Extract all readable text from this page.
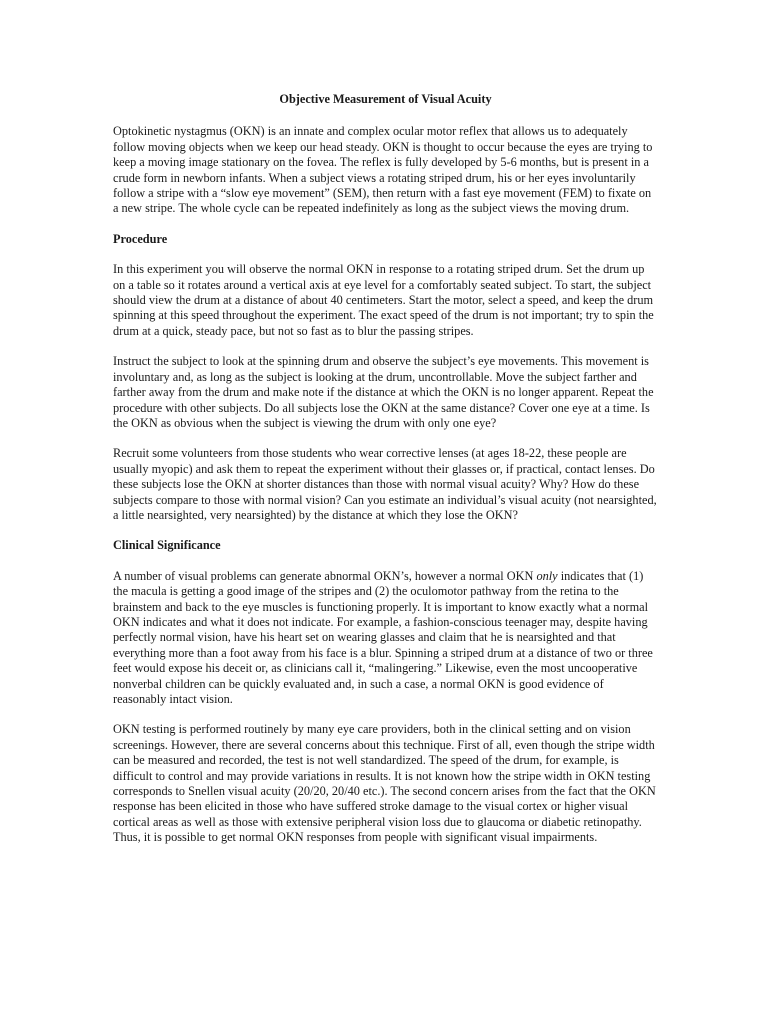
Objective Measurement of Visual Acuity

Optokinetic nystagmus (OKN) is an innate and complex ocular motor reflex that allows us to adequately follow moving objects when we keep our head steady. OKN is thought to occur because the eyes are trying to keep a moving image stationary on the fovea. The reflex is fully developed by 5-6 months, but is present in a crude form in newborn infants. When a subject views a rotating striped drum, his or her eyes involuntarily follow a stripe with a “slow eye movement” (SEM), then return with a fast eye movement (FEM) to fixate on a new stripe. The whole cycle can be repeated indefinitely as long as the subject views the moving drum.

Procedure

In this experiment you will observe the normal OKN in response to a rotating striped drum. Set the drum up on a table so it rotates around a vertical axis at eye level for a comfortably seated subject. To start, the subject should view the drum at a distance of about 40 centimeters. Start the motor, select a speed, and keep the drum spinning at this speed throughout the experiment. The exact speed of the drum is not important; try to spin the drum at a quick, steady pace, but not so fast as to blur the passing stripes.

Instruct the subject to look at the spinning drum and observe the subject’s eye movements. This movement is involuntary and, as long as the subject is looking at the drum, uncontrollable. Move the subject farther and farther away from the drum and make note if the distance at which the OKN is no longer apparent. Repeat the procedure with other subjects. Do all subjects lose the OKN at the same distance? Cover one eye at a time. Is the OKN as obvious when the subject is viewing the drum with only one eye?

Recruit some volunteers from those students who wear corrective lenses (at ages 18-22, these people are usually myopic) and ask them to repeat the experiment without their glasses or, if practical, contact lenses. Do these subjects lose the OKN at shorter distances than those with normal visual acuity? Why? How do these subjects compare to those with normal vision? Can you estimate an individual’s visual acuity (not nearsighted, a little nearsighted, very nearsighted) by the distance at which they lose the OKN?

Clinical Significance

A number of visual problems can generate abnormal OKN’s, however a normal OKN only indicates that (1) the macula is getting a good image of the stripes and (2) the oculomotor pathway from the retina to the brainstem and back to the eye muscles is functioning properly. It is important to know exactly what a normal OKN indicates and what it does not indicate. For example, a fashion-conscious teenager may, despite having perfectly normal vision, have his heart set on wearing glasses and claim that he is nearsighted and that everything more than a foot away from his face is a blur. Spinning a striped drum at a distance of two or three feet would expose his deceit or, as clinicians call it, “malingering.” Likewise, even the most uncooperative nonverbal children can be quickly evaluated and, in such a case, a normal OKN is good evidence of reasonably intact vision.

OKN testing is performed routinely by many eye care providers, both in the clinical setting and on vision screenings. However, there are several concerns about this technique. First of all, even though the stripe width can be measured and recorded, the test is not well standardized. The speed of the drum, for example, is difficult to control and may provide variations in results. It is not known how the stripe width in OKN testing corresponds to Snellen visual acuity (20/20, 20/40 etc.). The second concern arises from the fact that the OKN response has been elicited in those who have suffered stroke damage to the visual cortex or higher visual cortical areas as well as those with extensive peripheral vision loss due to glaucoma or diabetic retinopathy. Thus, it is possible to get normal OKN responses from people with significant visual impairments.
